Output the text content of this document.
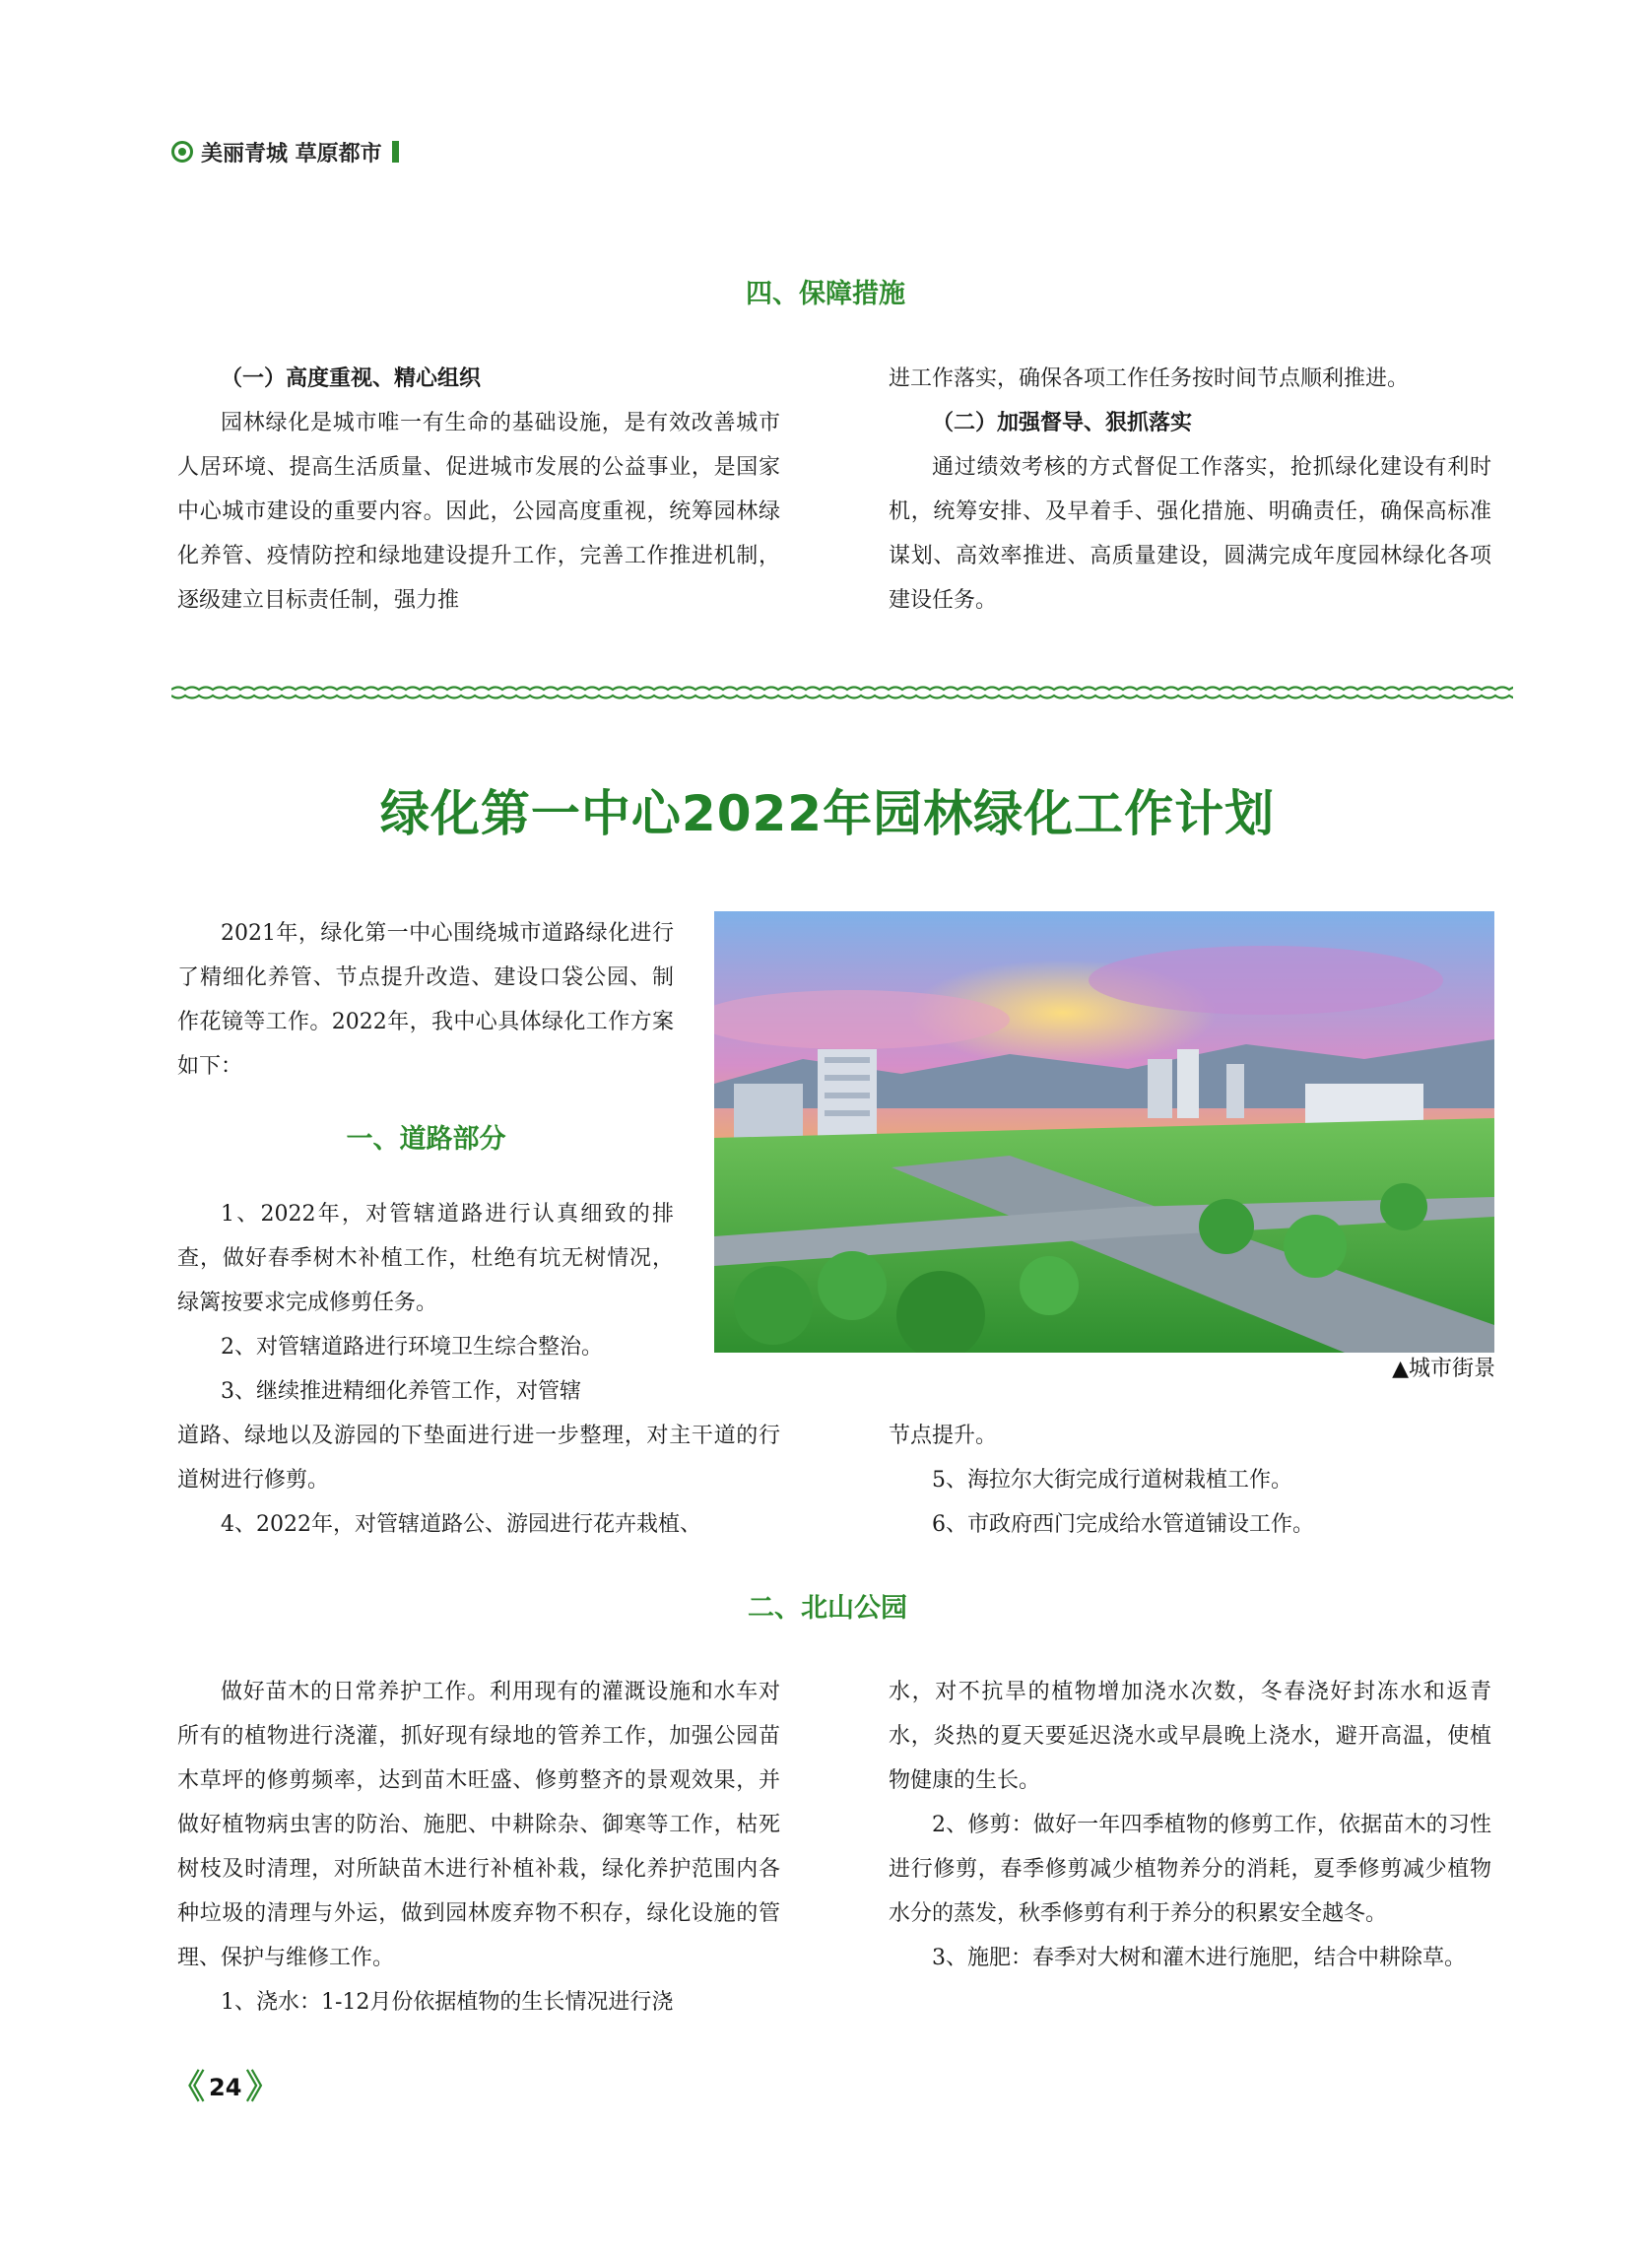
美丽青城 草原都市
四、保障措施

（一）高度重视、精心组织

园林绿化是城市唯一有生命的基础设施，是有效改善城市人居环境、提高生活质量、促进城市发展的公益事业，是国家中心城市建设的重要内容。因此，公园高度重视，统筹园林绿化养管、疫情防控和绿地建设提升工作，完善工作推进机制，逐级建立目标责任制，强力推

进工作落实，确保各项工作任务按时间节点顺利推进。

（二）加强督导、狠抓落实

通过绩效考核的方式督促工作落实，抢抓绿化建设有利时机，统筹安排、及早着手、强化措施、明确责任，确保高标准谋划、高效率推进、高质量建设，圆满完成年度园林绿化各项建设任务。

绿化第一中心2022年园林绿化工作计划

2021年，绿化第一中心围绕城市道路绿化进行了精细化养管、节点提升改造、建设口袋公园、制作花镜等工作。2022年，我中心具体绿化工作方案如下：

一、道路部分

1、2022年，对管辖道路进行认真细致的排查，做好春季树木补植工作，杜绝有坑无树情况，绿篱按要求完成修剪任务。

2、对管辖道路进行环境卫生综合整治。

3、继续推进精细化养管工作，对管辖

道路、绿地以及游园的下垫面进行进一步整理，对主干道的行道树进行修剪。

4、2022年，对管辖道路公、游园进行花卉栽植、

节点提升。

5、海拉尔大街完成行道树栽植工作。

6、市政府西门完成给水管道铺设工作。

▲城市街景
二、北山公园

做好苗木的日常养护工作。利用现有的灌溉设施和水车对所有的植物进行浇灌，抓好现有绿地的管养工作，加强公园苗木草坪的修剪频率，达到苗木旺盛、修剪整齐的景观效果，并做好植物病虫害的防治、施肥、中耕除杂、御寒等工作，枯死树枝及时清理，对所缺苗木进行补植补栽，绿化养护范围内各种垃圾的清理与外运，做到园林废弃物不积存，绿化设施的管理、保护与维修工作。

1、浇水：1-12月份依据植物的生长情况进行浇

水，对不抗旱的植物增加浇水次数，冬春浇好封冻水和返青水，炎热的夏天要延迟浇水或早晨晚上浇水，避开高温，使植物健康的生长。

2、修剪：做好一年四季植物的修剪工作，依据苗木的习性进行修剪，春季修剪减少植物养分的消耗，夏季修剪减少植物水分的蒸发，秋季修剪有利于养分的积累安全越冬。

3、施肥：春季对大树和灌木进行施肥，结合中耕除草。

《 24 》
